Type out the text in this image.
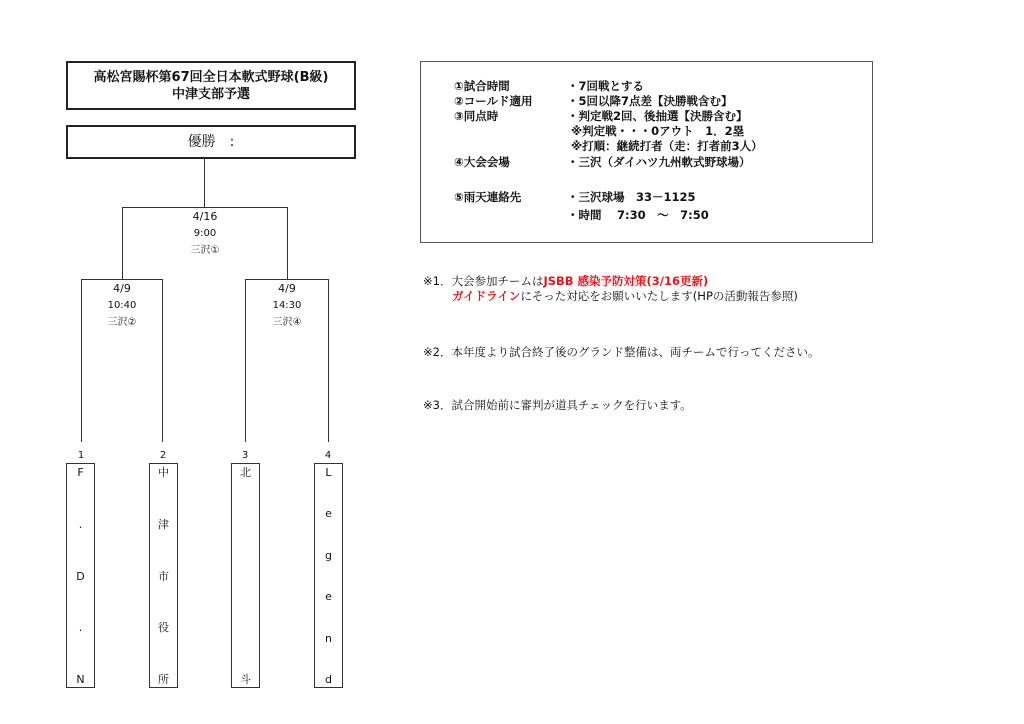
高松宮賜杯第67回全日本軟式野球(B級)
中津支部予選
優勝　:
4/16
9:00
三沢①
4/9
10:40
三沢②
4/9
14:30
三沢④
1	2	3	4
F
.
D
.
N
中
津
市
役
所
北
斗
L
e
g
e
n
d
①試合時間	・7回戦とする
②コールド適用	・5回以降7点差【決勝戦含む】
③同点時	・判定戦2回、後抽選【決勝含む】
※判定戦・・・0アウト　1．2塁
※打順：継続打者（走：打者前3人）
④大会会場	・三沢（ダイハツ九州軟式野球場）
⑤雨天連絡先	・三沢球場　33－1125
・時間　 7:30　～　7:50
※1．大会参加チームはJSBB 感染予防対策(3/16更新)
ガイドラインにそった対応をお願いいたします(HPの活動報告参照)
※2．本年度より試合終了後のグランド整備は、両チームで行ってください。
※3．試合開始前に審判が道具チェックを行います。
